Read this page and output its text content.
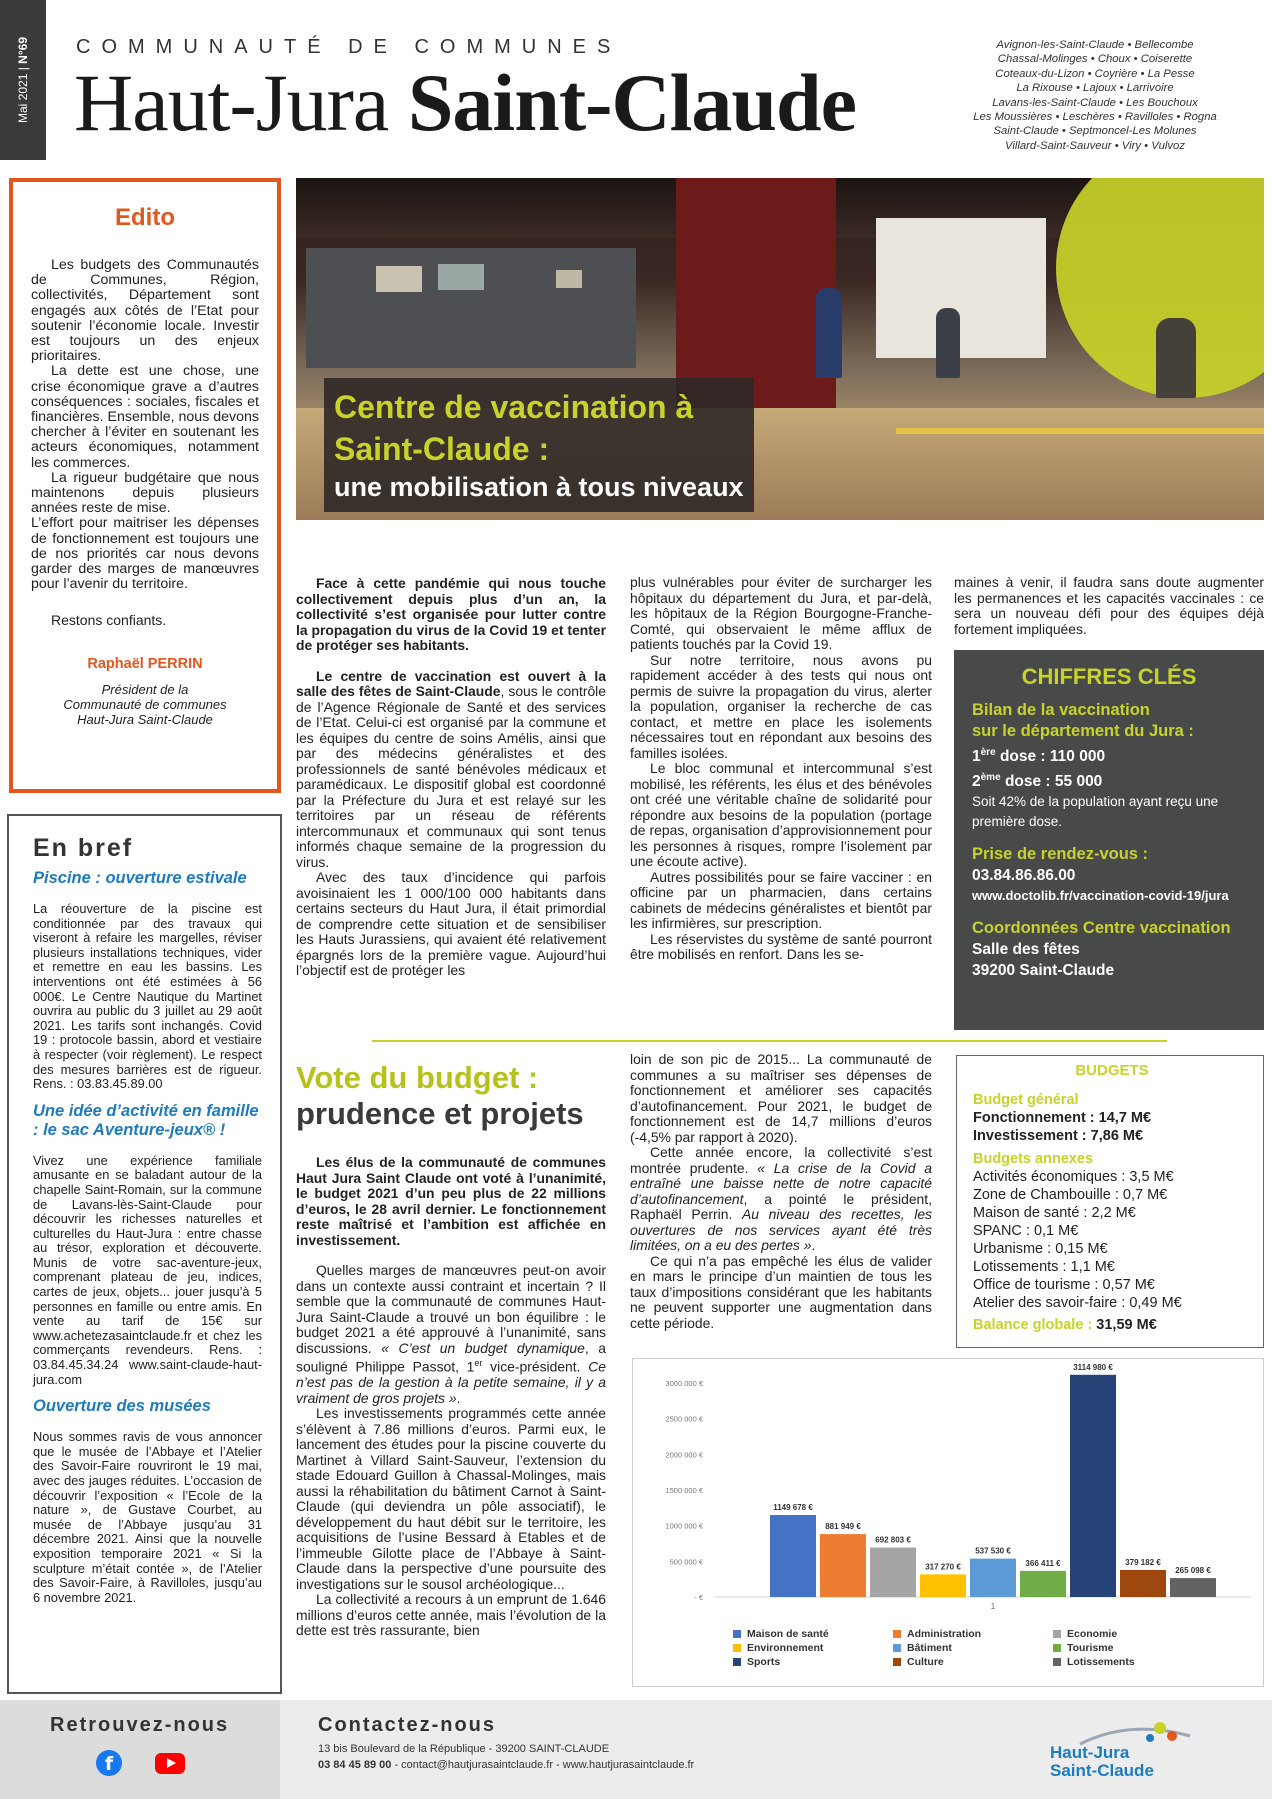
Mai 2021 | N°69 COMMUNAUTÉ DE COMMUNES
Haut-Jura Saint-Claude
Avignon-les-Saint-Claude • Bellecombe
Chassal-Molinges • Choux • Coiserette
Coteaux-du-Lizon • Coyrière • La Pesse
La Rixouse • Lajoux • Larrivoire
Lavans-les-Saint-Claude • Les Bouchoux
Les Moussières • Leschères • Ravilloles • Rogna
Saint-Claude • Septmoncel-Les Molunes
Villard-Saint-Sauveur • Viry • Vulvoz
Edito

Les budgets des Communautés de Communes, Région, collectivités, Département sont engagés aux côtés de l’Etat pour soutenir l’économie locale. Investir est toujours un des enjeux prioritaires.

La dette est une chose, une crise économique grave a d’autres conséquences : sociales, fiscales et financières. Ensemble, nous devons chercher à l’éviter en soutenant les acteurs économiques, notamment les commerces.

La rigueur budgétaire que nous maintenons depuis plusieurs années reste de mise.

L’effort pour maitriser les dépenses de fonctionnement est toujours une de nos priorités car nous devons garder des marges de manœuvres pour l’avenir du territoire.

Restons confiants.
Raphaël PERRIN
Président de la
Communauté de communes
Haut-Jura Saint-Claude
En bref
Piscine : ouverture estivale

La réouverture de la piscine est conditionnée par des travaux qui viseront à refaire les margelles, réviser plusieurs installations techniques, vider et remettre en eau les bassins. Les interventions ont été estimées à 56 000€. Le Centre Nautique du Martinet ouvrira au public du 3 juillet au 29 août 2021. Les tarifs sont inchangés. Covid 19 : protocole bassin, abord et vestiaire à respecter (voir règlement). Le respect des mesures barrières est de rigueur. Rens. : 03.83.45.89.00

Une idée d’activité en famille : le sac Aventure-jeux® !

Vivez une expérience familiale amusante en se baladant autour de la chapelle Saint-Romain, sur la commune de Lavans-lès-Saint-Claude pour découvrir les richesses naturelles et culturelles du Haut-Jura : entre chasse au trésor, exploration et découverte. Munis de votre sac-aventure-jeux, comprenant plateau de jeu, indices, cartes de jeux, objets... jouer jusqu’à 5 personnes en famille ou entre amis. En vente au tarif de 15€ sur www.achetezasaintclaude.fr et chez les commerçants revendeurs. Rens. : 03.84.45.34.24 www.saint-claude-haut-jura.com

Ouverture des musées

Nous sommes ravis de vous annoncer que le musée de l’Abbaye et l’Atelier des Savoir-Faire rouvriront le 19 mai, avec des jauges réduites. L’occasion de découvrir l’exposition « l’Ecole de la nature », de Gustave Courbet, au musée de l’Abbaye jusqu’au 31 décembre 2021. Ainsi que la nouvelle exposition temporaire 2021 « Si la sculpture m’était contée », de l’Atelier des Savoir-Faire, à Ravilloles, jusqu’au 6 novembre 2021.

Centre de vaccination à
Saint-Claude :
une mobilisation à tous niveaux

Face à cette pandémie qui nous touche collectivement depuis plus d’un an, la collectivité s’est organisée pour lutter contre la propagation du virus de la Covid 19 et tenter de protéger ses habitants.

Le centre de vaccination est ouvert à la salle des fêtes de Saint-Claude, sous le contrôle de l’Agence Régionale de Santé et des services de l’Etat. Celui-ci est organisé par la commune et les équipes du centre de soins Amélis, ainsi que par des médecins généralistes et des professionnels de santé bénévoles médicaux et paramédicaux. Le dispositif global est coordonné par la Préfecture du Jura et est relayé sur les territoires par un réseau de référents intercommunaux et communaux qui sont tenus informés chaque semaine de la progression du virus.

Avec des taux d’incidence qui parfois avoisinaient les 1 000/100 000 habitants dans certains secteurs du Haut Jura, il était primordial de comprendre cette situation et de sensibiliser les Hauts Jurassiens, qui avaient été relativement épargnés lors de la première vague. Aujourd’hui l’objectif est de protéger les

plus vulnérables pour éviter de surcharger les hôpitaux du département du Jura, et par-delà, les hôpitaux de la Région Bourgogne-Franche-Comté, qui observaient le même afflux de patients touchés par la Covid 19.

Sur notre territoire, nous avons pu rapidement accéder à des tests qui nous ont permis de suivre la propagation du virus, alerter la population, organiser la recherche de cas contact, et mettre en place les isolements nécessaires tout en répondant aux besoins des familles isolées.

Le bloc communal et intercommunal s’est mobilisé, les référents, les élus et des bénévoles ont créé une véritable chaîne de solidarité pour répondre aux besoins de la population (portage de repas, organisation d’approvisionnement pour les personnes à risques, rompre l’isolement par une écoute active).

Autres possibilités pour se faire vacciner : en officine par un pharmacien, dans certains cabinets de médecins généralistes et bientôt par les infirmières, sur prescription.

Les réservistes du système de santé pourront être mobilisés en renfort. Dans les se-

maines à venir, il faudra sans doute augmenter les permanences et les capacités vaccinales : ce sera un nouveau défi pour des équipes déjà fortement impliquées.

CHIFFRES CLÉS
Bilan de la vaccination
sur le département du Jura :
1ère dose : 110 000
2ème dose : 55 000
Soit 42% de la population ayant reçu une première dose.
Prise de rendez-vous :
03.84.86.86.00
www.doctolib.fr/vaccination-covid-19/jura
Coordonnées Centre vaccination
Salle des fêtes
39200 Saint-Claude
Vote du budget :
prudence et projets

Les élus de la communauté de communes Haut Jura Saint Claude ont voté à l’unanimité, le budget 2021 d’un peu plus de 22 millions d’euros, le 28 avril dernier. Le fonctionnement reste maîtrisé et l’ambition est affichée en investissement.

Quelles marges de manœuvres peut-on avoir dans un contexte aussi contraint et incertain ? Il semble que la communauté de communes Haut-Jura Saint-Claude a trouvé un bon équilibre : le budget 2021 a été approuvé à l’unanimité, sans discussions. « C’est un budget dynamique, a souligné Philippe Passot, 1er vice-président. Ce n’est pas de la gestion à la petite semaine, il y a vraiment de gros projets ».

Les investissements programmés cette année s’élèvent à 7.86 millions d’euros. Parmi eux, le lancement des études pour la piscine couverte du Martinet à Villard Saint-Sauveur, l’extension du stade Edouard Guillon à Chassal-Molinges, mais aussi la réhabilitation du bâtiment Carnot à Saint-Claude (qui deviendra un pôle associatif), le développement du haut débit sur le territoire, les acquisitions de l’usine Bessard à Etables et de l’immeuble Gilotte place de l’Abbaye à Saint-Claude dans la perspective d’une poursuite des investigations sur le sousol archéologique...

La collectivité a recours à un emprunt de 1.646 millions d’euros cette année, mais l’évolution de la dette est très rassurante, bien

loin de son pic de 2015... La communauté de communes a su maîtriser ses dépenses de fonctionnement et améliorer ses capacités d’autofinancement. Pour 2021, le budget de fonctionnement est de 14,7 millions d’euros (-4,5% par rapport à 2020).

Cette année encore, la collectivité s’est montrée prudente. « La crise de la Covid a entraîné une baisse nette de notre capacité d’autofinancement, a pointé le président, Raphaël Perrin. Au niveau des recettes, les ouvertures de nos services ayant été très limitées, on a eu des pertes ».

Ce qui n’a pas empêché les élus de valider en mars le principe d’un maintien de tous les taux d’impositions considérant que les habitants ne peuvent supporter une augmentation dans cette période.

BUDGETS
Budget général
Fonctionnement : 14,7 M€
Investissement : 7,86 M€
Budgets annexes
Activités économiques : 3,5 M€
Zone de Chambouille : 0,7 M€
Maison de santé : 2,2 M€
SPANC : 0,1 M€
Urbanisme : 0,15 M€
Lotissements : 1,1 M€
Office de tourisme : 0,57 M€
Atelier des savoir-faire : 0,49 M€
Balance globale : 31,59 M€
- €
500 000 €
1000 000 €
1500 000 €
2000 000 €
2500 000 €
3000 000 €
1149 678 €
881 949 €
692 803 €
317 270 €
537 530 €
366 411 €
3114 980 €
379 182 €
265 098 €
1
Maison de santé	Administration	Economie
Environnement	Bâtiment	Tourisme
Sports	Culture	Lotissements
Retrouvez-nous
f
Contactez-nous
13 bis Boulevard de la République - 39200 SAINT-CLAUDE
03 84 45 89 00 - contact@hautjurasaintclaude.fr - www.hautjurasaintclaude.fr
Haut-Jura
Saint-Claude
